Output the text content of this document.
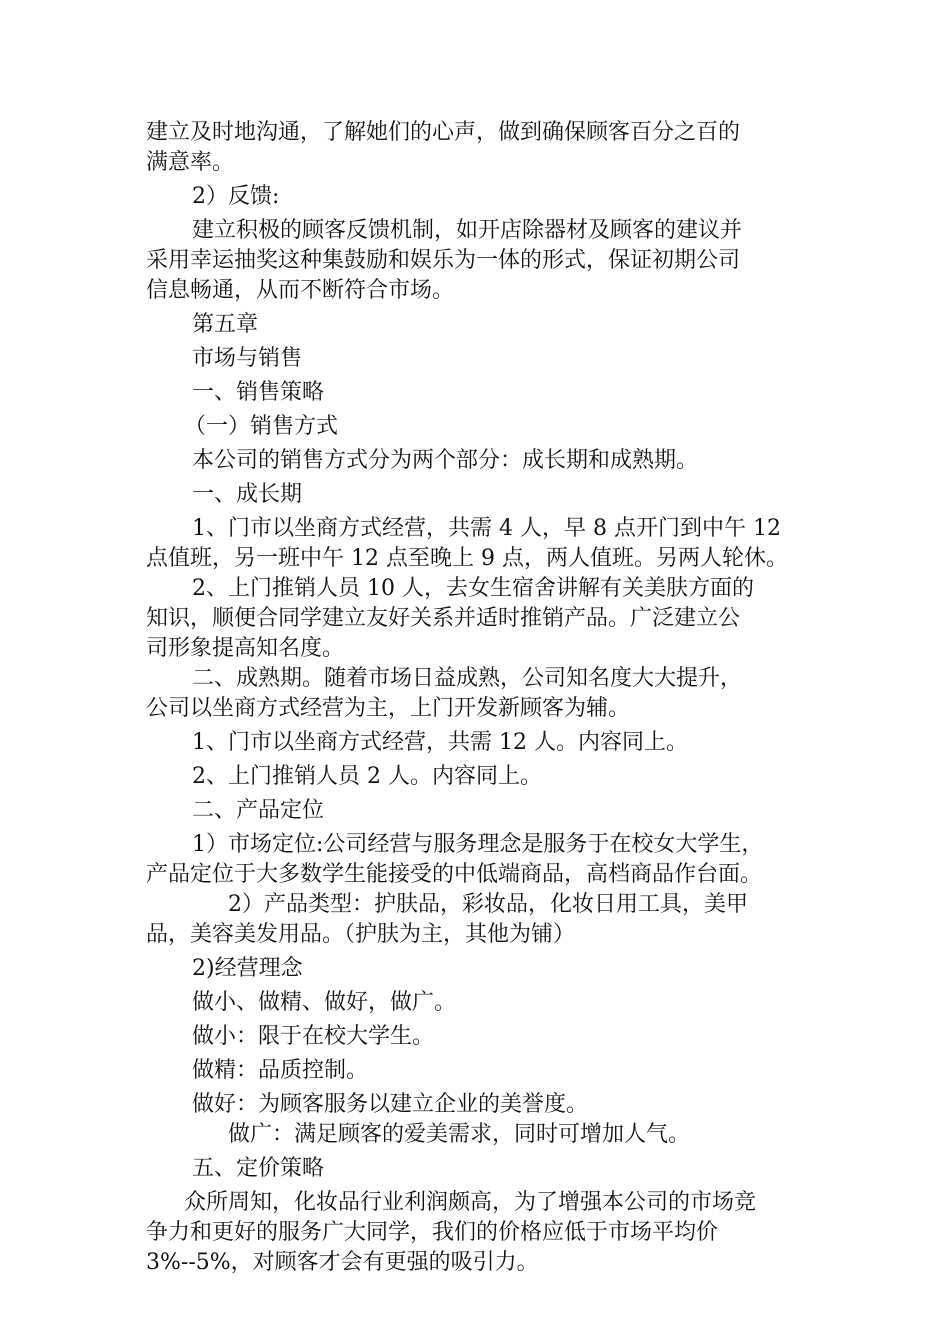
建立及时地沟通，了解她们的心声，做到确保顾客百分之百的
满意率。
2）反馈:
建立积极的顾客反馈机制，如开店除器材及顾客的建议并
采用幸运抽奖这种集鼓励和娱乐为一体的形式，保证初期公司
信息畅通，从而不断符合市场。
第五章
市场与销售
一、销售策略
（一）销售方式
本公司的销售方式分为两个部分：成长期和成熟期。
一、成长期
1、门市以坐商方式经营，共需 4 人，早 8 点开门到中午 12
点值班，另一班中午 12 点至晚上 9 点，两人值班。另两人轮休。
2、上门推销人员 10 人，去女生宿舍讲解有关美肤方面的
知识，顺便合同学建立友好关系并适时推销产品。广泛建立公
司形象提高知名度。
二、成熟期。随着市场日益成熟，公司知名度大大提升，
公司以坐商方式经营为主，上门开发新顾客为辅。
1、门市以坐商方式经营，共需 12 人。内容同上。
2、上门推销人员 2 人。内容同上。
二、产品定位
1）市场定位:公司经营与服务理念是服务于在校女大学生，
产品定位于大多数学生能接受的中低端商品，高档商品作台面。
2）产品类型：护肤品，彩妆品，化妆日用工具，美甲
品，美容美发用品。（护肤为主，其他为铺）
2)经营理念
做小、做精、做好，做广。
做小：限于在校大学生。
做精：品质控制。
做好：为顾客服务以建立企业的美誉度。
做广：满足顾客的爱美需求，同时可增加人气。
五、定价策略
众所周知，化妆品行业利润颇高，为了增强本公司的市场竞
争力和更好的服务广大同学，我们的价格应低于市场平均价
3%--5%，对顾客才会有更强的吸引力。
